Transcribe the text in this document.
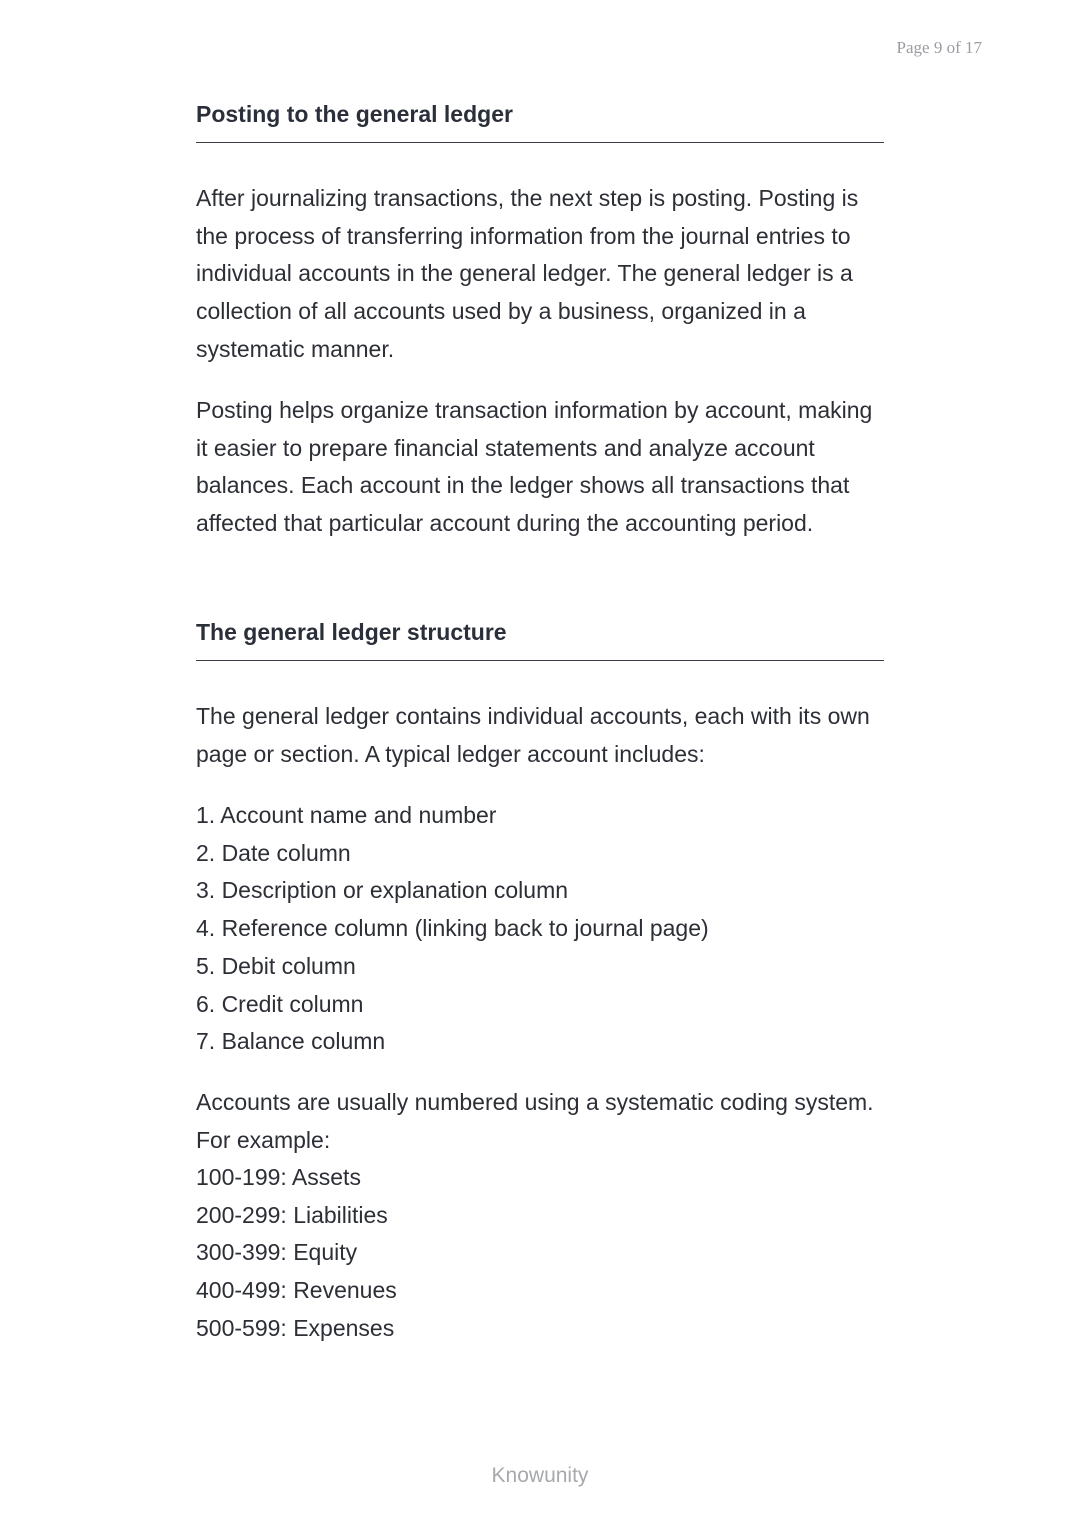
Page 9 of 17
Posting to the general ledger

After journalizing transactions, the next step is posting. Posting is the process of transferring information from the journal entries to individual accounts in the general ledger. The general ledger is a collection of all accounts used by a business, organized in a systematic manner.

Posting helps organize transaction information by account, making it easier to prepare financial statements and analyze account balances. Each account in the ledger shows all transactions that affected that particular account during the accounting period.

The general ledger structure

The general ledger contains individual accounts, each with its own page or section. A typical ledger account includes:

1. Account name and number
2. Date column
3. Description or explanation column
4. Reference column (linking back to journal page)
5. Debit column
6. Credit column
7. Balance column

Accounts are usually numbered using a systematic coding system. For example:

100-199: Assets
200-299: Liabilities
300-399: Equity
400-499: Revenues
500-599: Expenses
Knowunity
